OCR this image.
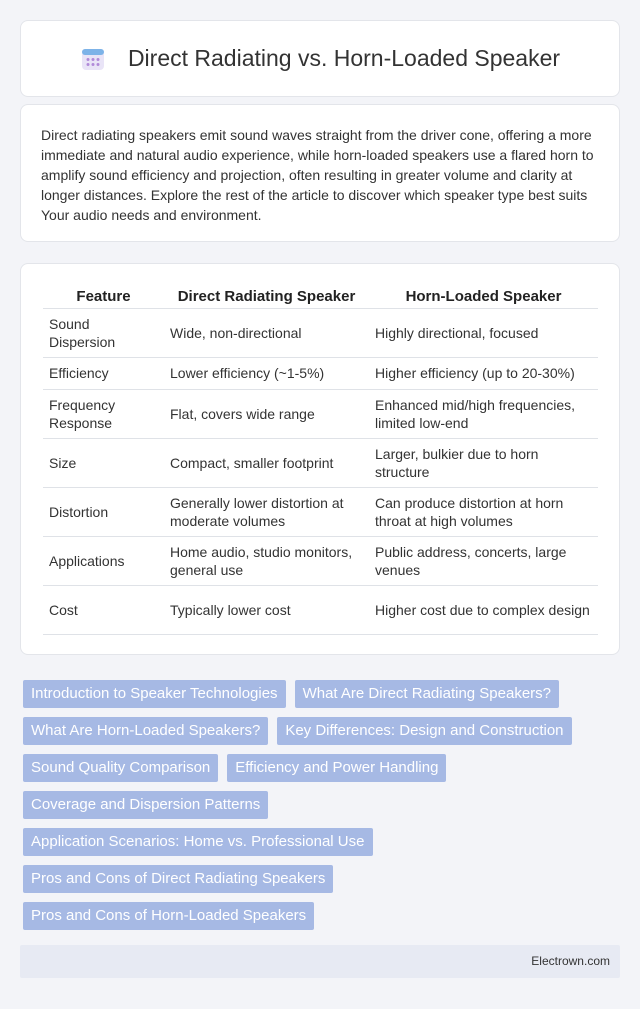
Direct Radiating vs. Horn-Loaded Speaker

Direct radiating speakers emit sound waves straight from the driver cone, offering a more immediate and natural audio experience, while horn-loaded speakers use a flared horn to amplify sound efficiency and projection, often resulting in greater volume and clarity at longer distances. Explore the rest of the article to discover which speaker type best suits Your audio needs and environment.

Feature	Direct Radiating Speaker	Horn-Loaded Speaker
Sound Dispersion	Wide, non-directional	Highly directional, focused
Efficiency	Lower efficiency (~1-5%)	Higher efficiency (up to 20-30%)
Frequency Response	Flat, covers wide range	Enhanced mid/high frequencies, limited low-end
Size	Compact, smaller footprint	Larger, bulkier due to horn structure
Distortion	Generally lower distortion at moderate volumes	Can produce distortion at horn throat at high volumes
Applications	Home audio, studio monitors, general use	Public address, concerts, large venues
Cost	Typically lower cost	Higher cost due to complex design
Introduction to Speaker Technologies	What Are Direct Radiating Speakers?
What Are Horn-Loaded Speakers?	Key Differences: Design and Construction
Sound Quality Comparison	Efficiency and Power Handling
Coverage and Dispersion Patterns
Application Scenarios: Home vs. Professional Use
Pros and Cons of Direct Radiating Speakers
Pros and Cons of Horn-Loaded Speakers
Electrown.com
